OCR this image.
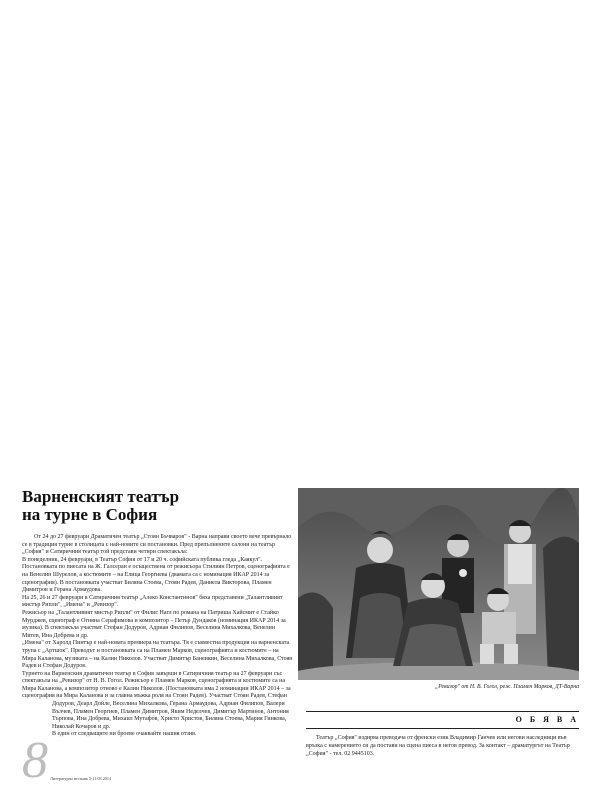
Варненският театър
на турне в София

От 24 до 27 февруари Драматичен театър „Стоян Бъчваров" - Варна направи своето вече превърнало се в традиция турне в столицата с най-новите си постановки. Пред препълнените салони на театър „София" и Сатиричния театър той представи четири спектакъла:

В понеделник, 24 февруари, в Театър София от 17 и 20 ч. софийската публика гледа „Каякул". Постановката по пиесата на Ж. Галсеран е осъществена от режисьора Стилиян Петров, сценографията е на Венелин Шурелов, а костюмите – на Елица Георгиева (двамата са с номинация ИКАР 2014 за сценография). В постановката участват Биляна Стоева, Стоян Радев, Даниела Викторова, Пламен Димитров и Герана Армаудова.

На 25, 26 и 27 февруари в Сатиричния театър „Алеко Константинов" бяха представени „Талантливият мистър Рипли", „Имена" и „Ревизор".

Режисьор на „Талантливият мистър Рипли" от Филис Нагл по романа на Патриша Хайсмит е Стайко Мурджев, сценограф е Огняна Серафимова и композитор – Петър Дундаков (номинация ИКАР 2014 за музика). В спектакъла участват Стефан Додуров, Адриан Филипов, Веселина Михалкова, Венелин Митев, Ина Добрева и др.

„Имена" от Харолд Пинтър е най-новата премиера на театъра. Тя е съвместна продукция на варненската трупа с „Артшок". Преводът и постановката са на Пламен Марков, сценографията и костюмите – на Мира Каланова, музиката – на Калин Николов. Участват Димитър Банеикин, Веселина Михалкова, Стоян Радев и Стефан Додуров.

Турнето на Варненския драматичен театър в София завърши в Сатиричния театър на 27 февруари със спектакъла на „Ревизор" от Н. В. Гогол. Режисьор е Пламен Марков, сценографията и костюмите са на Мира Каланова, а композитор отново е Калин Николов. (Постановката има 2 номинации ИКАР 2014 – за сценография на Мира Каланова и за главна мъжка роля на Стоян Радев). Участват Стоян Радев, Стефан

Додуров, Деарл Дойле, Веселина Михалкова, Герана Армаудова, Адриан Филипов, Валери Вълчев, Пламен Георгиев, Пламен Димитров, Яким Неделчев, Димитър Мартинов, Антония Търпова, Ина Добрева, Михаил Мутафов, Христо Христов, Биляна Стоева, Мария Гинкова, Николай Кочаров и др.

В един от следващите ни броеве очаквайте нашия отзив.

8 Литературен вестник 5-11.03.2014
„Ревизор" от Н. В. Гогол, реж. Пламен Марков, ДТ-Варна
О Б Я В А

Театър „София" издирва преводача от френски език Владимир Ганчев или негови наследници във връзка с намерението си да постави на сцена пиеса в негов превод. За контакт – драматургът на Театър „София" - тел. 02 9445103.
